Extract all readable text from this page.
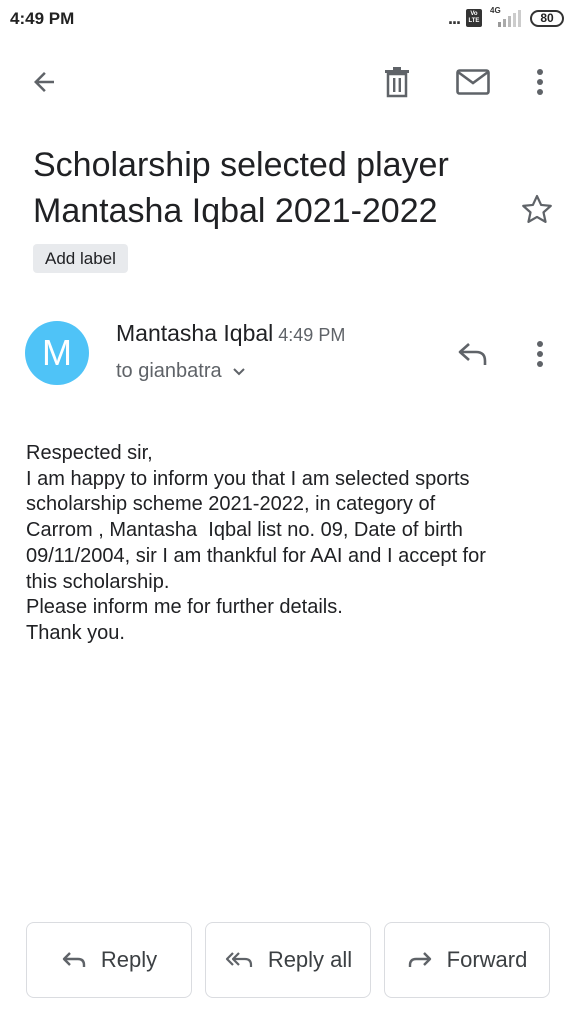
4:49 PM	... Vo
LTE
4G
80
Scholarship selected player
Mantasha Iqbal 2021-2022
Add label
M	Mantasha Iqbal 4:49 PM
to gianbatra
Respected sir,
I am happy to inform you that I am selected sports
scholarship scheme 2021-2022, in category of
Carrom , Mantasha  Iqbal list no. 09, Date of birth
09/11/2004, sir I am thankful for AAI and I accept for
this scholarship.
Please inform me for further details.
Thank you.
Reply	Reply all	Forward
